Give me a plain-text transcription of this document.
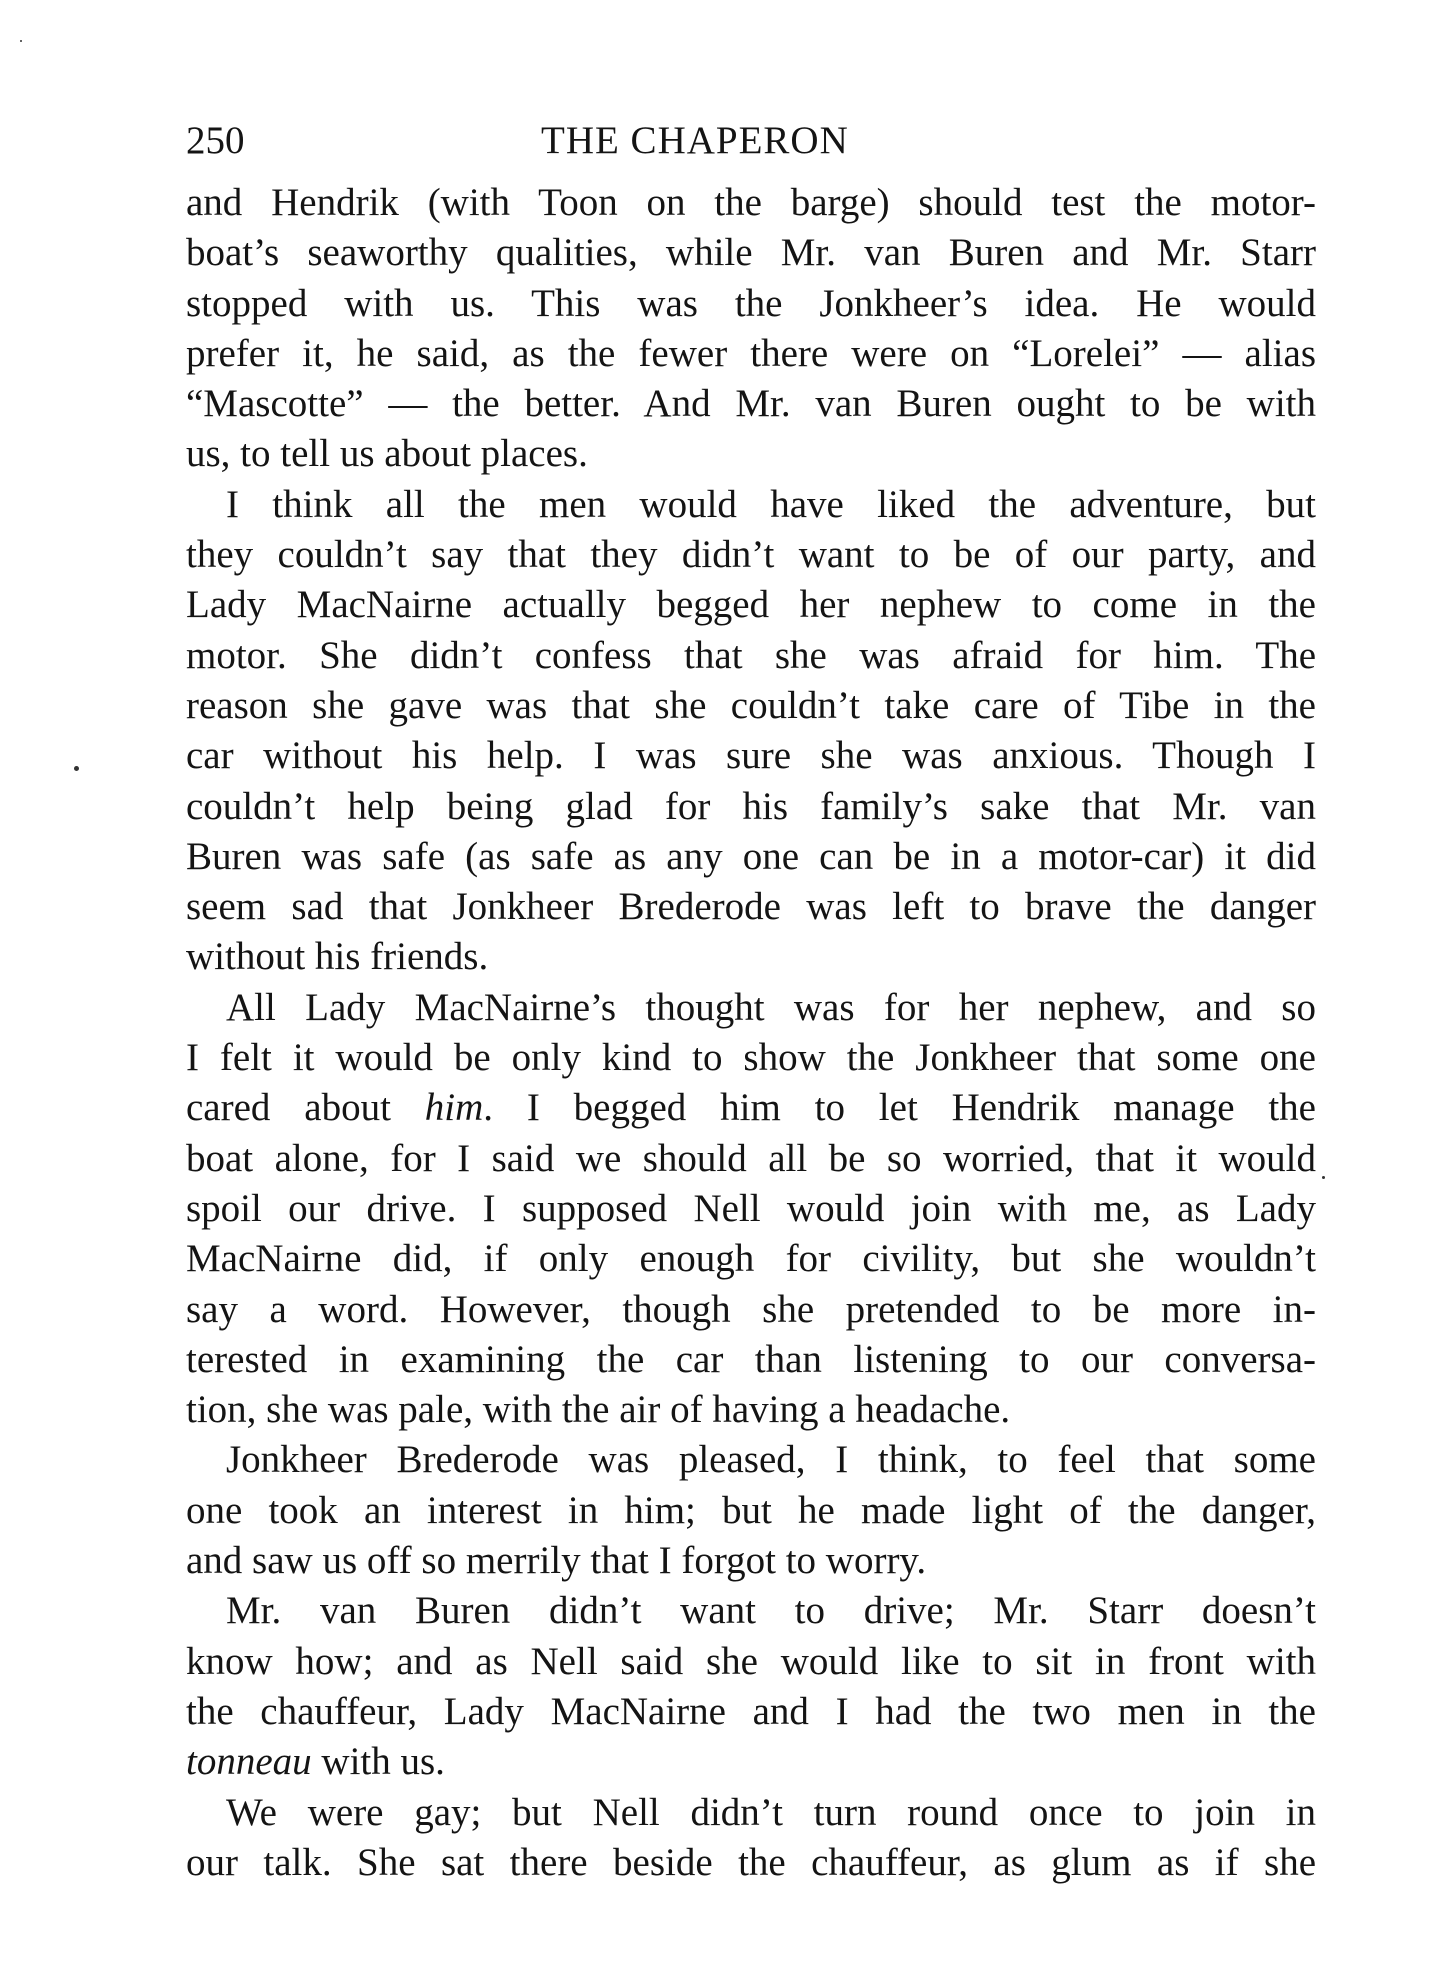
250	THE CHAPERON
and Hendrik (with Toon on the barge) should test the motor-
boat’s seaworthy qualities, while Mr. van Buren and Mr. Starr
stopped with us. This was the Jonkheer’s idea. He would
prefer it, he said, as the fewer there were on “Lorelei” — alias
“Mascotte” — the better. And Mr. van Buren ought to be with
us, to tell us about places.
I think all the men would have liked the adventure, but
they couldn’t say that they didn’t want to be of our party, and
Lady MacNairne actually begged her nephew to come in the
motor. She didn’t confess that she was afraid for him. The
reason she gave was that she couldn’t take care of Tibe in the
car without his help. I was sure she was anxious. Though I
couldn’t help being glad for his family’s sake that Mr. van
Buren was safe (as safe as any one can be in a motor-car) it did
seem sad that Jonkheer Brederode was left to brave the danger
without his friends.
All Lady MacNairne’s thought was for her nephew, and so
I felt it would be only kind to show the Jonkheer that some one
cared about him. I begged him to let Hendrik manage the
boat alone, for I said we should all be so worried, that it would
spoil our drive. I supposed Nell would join with me, as Lady
MacNairne did, if only enough for civility, but she wouldn’t
say a word. However, though she pretended to be more in-
terested in examining the car than listening to our conversa-
tion, she was pale, with the air of having a headache.
Jonkheer Brederode was pleased, I think, to feel that some
one took an interest in him; but he made light of the danger,
and saw us off so merrily that I forgot to worry.
Mr. van Buren didn’t want to drive; Mr. Starr doesn’t
know how; and as Nell said she would like to sit in front with
the chauffeur, Lady MacNairne and I had the two men in the
tonneau with us.
We were gay; but Nell didn’t turn round once to join in
our talk. She sat there beside the chauffeur, as glum as if she
